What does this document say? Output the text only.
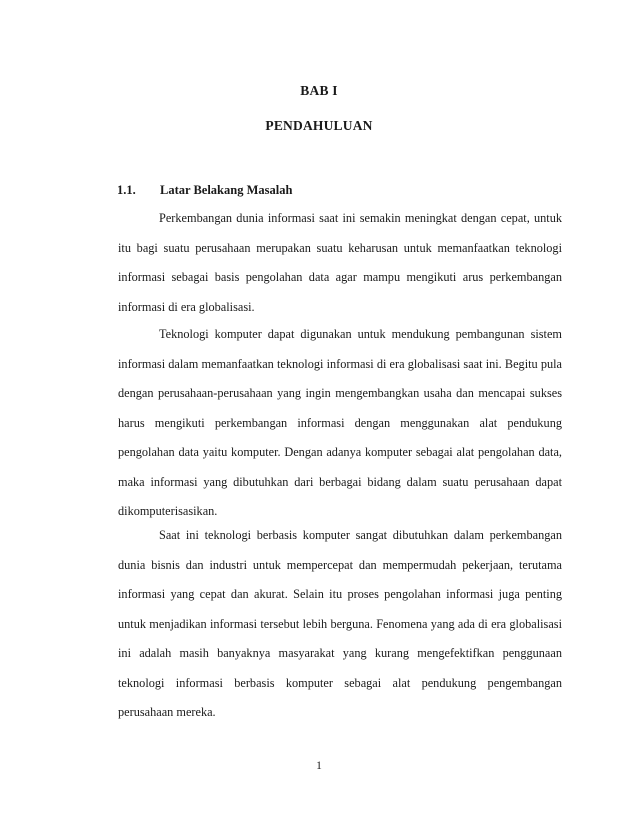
BAB I
PENDAHULUAN
1.1. Latar Belakang Masalah

Perkembangan dunia informasi saat ini semakin meningkat dengan cepat, untuk itu bagi suatu perusahaan merupakan suatu keharusan untuk memanfaatkan teknologi informasi sebagai basis pengolahan data agar mampu mengikuti arus perkembangan informasi di era globalisasi.

Teknologi komputer dapat digunakan untuk mendukung pembangunan sistem informasi dalam memanfaatkan teknologi informasi di era globalisasi saat ini. Begitu pula dengan perusahaan-perusahaan yang ingin mengembangkan usaha dan mencapai sukses harus mengikuti perkembangan informasi dengan menggunakan alat pendukung pengolahan data yaitu komputer. Dengan adanya komputer sebagai alat pengolahan data, maka informasi yang dibutuhkan dari berbagai bidang dalam suatu perusahaan dapat dikomputerisasikan.

Saat ini teknologi berbasis komputer sangat dibutuhkan dalam perkembangan dunia bisnis dan industri untuk mempercepat dan mempermudah pekerjaan, terutama informasi yang cepat dan akurat. Selain itu proses pengolahan informasi juga penting untuk menjadikan informasi tersebut lebih berguna. Fenomena yang ada di era globalisasi ini adalah masih banyaknya masyarakat yang kurang mengefektifkan penggunaan teknologi informasi berbasis komputer sebagai alat pendukung pengembangan perusahaan mereka.

1
